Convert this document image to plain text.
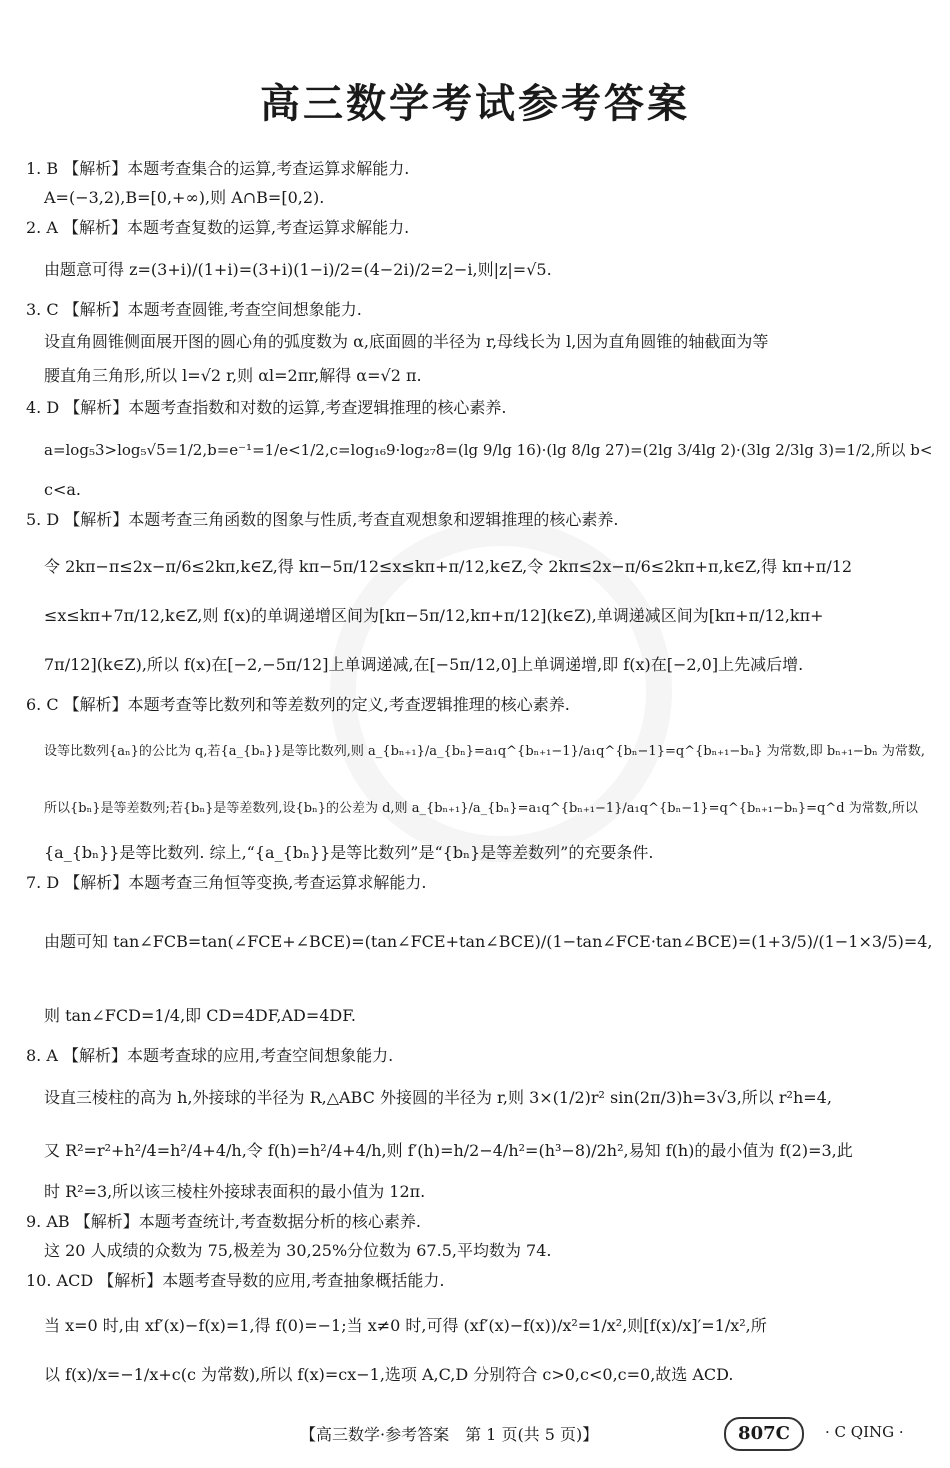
高三数学考试参考答案
1. B 【解析】本题考查集合的运算,考查运算求解能力.
A=(−3,2),B=[0,+∞),则 A∩B=[0,2).
2. A 【解析】本题考查复数的运算,考查运算求解能力.
由题意可得 z=(3+i)/(1+i)=(3+i)(1−i)/2=(4−2i)/2=2−i,则|z|=√5.
3. C 【解析】本题考查圆锥,考查空间想象能力.
设直角圆锥侧面展开图的圆心角的弧度数为 α,底面圆的半径为 r,母线长为 l,因为直角圆锥的轴截面为等
腰直角三角形,所以 l=√2 r,则 αl=2πr,解得 α=√2 π.
4. D 【解析】本题考查指数和对数的运算,考查逻辑推理的核心素养.
a=log₅3>log₅√5=1/2,b=e⁻¹=1/e<1/2,c=log₁₆9·log₂₇8=(lg 9/lg 16)·(lg 8/lg 27)=(2lg 3/4lg 2)·(3lg 2/3lg 3)=1/2,所以 b<
c<a.
5. D 【解析】本题考查三角函数的图象与性质,考查直观想象和逻辑推理的核心素养.
令 2kπ−π≤2x−π/6≤2kπ,k∈Z,得 kπ−5π/12≤x≤kπ+π/12,k∈Z,令 2kπ≤2x−π/6≤2kπ+π,k∈Z,得 kπ+π/12
≤x≤kπ+7π/12,k∈Z,则 f(x)的单调递增区间为[kπ−5π/12,kπ+π/12](k∈Z),单调递减区间为[kπ+π/12,kπ+
7π/12](k∈Z),所以 f(x)在[−2,−5π/12]上单调递减,在[−5π/12,0]上单调递增,即 f(x)在[−2,0]上先减后增.
6. C 【解析】本题考查等比数列和等差数列的定义,考查逻辑推理的核心素养.
设等比数列{aₙ}的公比为 q,若{a_{bₙ}}是等比数列,则 a_{bₙ₊₁}/a_{bₙ}=a₁q^{bₙ₊₁−1}/a₁q^{bₙ−1}=q^{bₙ₊₁−bₙ} 为常数,即 bₙ₊₁−bₙ 为常数,
所以{bₙ}是等差数列;若{bₙ}是等差数列,设{bₙ}的公差为 d,则 a_{bₙ₊₁}/a_{bₙ}=a₁q^{bₙ₊₁−1}/a₁q^{bₙ−1}=q^{bₙ₊₁−bₙ}=q^d 为常数,所以
{a_{bₙ}}是等比数列. 综上,“{a_{bₙ}}是等比数列”是“{bₙ}是等差数列”的充要条件.
7. D 【解析】本题考查三角恒等变换,考查运算求解能力.
由题可知 tan∠FCB=tan(∠FCE+∠BCE)=(tan∠FCE+tan∠BCE)/(1−tan∠FCE·tan∠BCE)=(1+3/5)/(1−1×3/5)=4,
则 tan∠FCD=1/4,即 CD=4DF,AD=4DF.
8. A 【解析】本题考查球的应用,考查空间想象能力.
设直三棱柱的高为 h,外接球的半径为 R,△ABC 外接圆的半径为 r,则 3×(1/2)r² sin(2π/3)h=3√3,所以 r²h=4,
又 R²=r²+h²/4=h²/4+4/h,令 f(h)=h²/4+4/h,则 f′(h)=h/2−4/h²=(h³−8)/2h²,易知 f(h)的最小值为 f(2)=3,此
时 R²=3,所以该三棱柱外接球表面积的最小值为 12π.
9. AB 【解析】本题考查统计,考查数据分析的核心素养.
这 20 人成绩的众数为 75,极差为 30,25%分位数为 67.5,平均数为 74.
10. ACD 【解析】本题考查导数的应用,考查抽象概括能力.
当 x=0 时,由 xf′(x)−f(x)=1,得 f(0)=−1;当 x≠0 时,可得 (xf′(x)−f(x))/x²=1/x²,则[f(x)/x]′=1/x²,所
以 f(x)/x=−1/x+c(c 为常数),所以 f(x)=cx−1,选项 A,C,D 分别符合 c>0,c<0,c=0,故选 ACD.
【高三数学·参考答案　第 1 页(共 5 页)】	807C	· C QING ·
